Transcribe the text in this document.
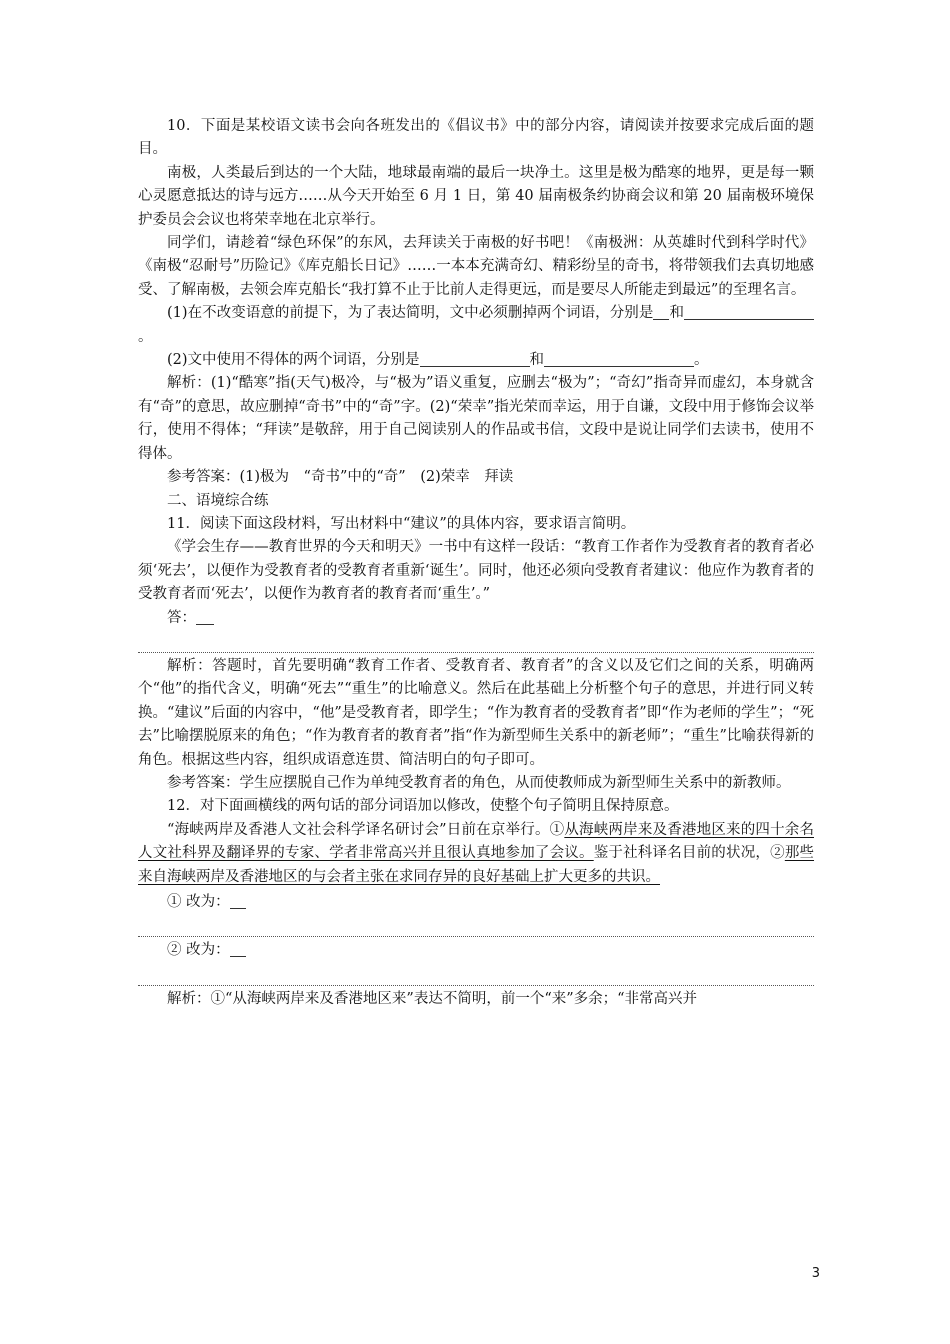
10．下面是某校语文读书会向各班发出的《倡议书》中的部分内容，请阅读并按要求完成后面的题目。

南极，人类最后到达的一个大陆，地球最南端的最后一块净土。这里是极为酷寒的地界，更是每一颗心灵愿意抵达的诗与远方……从今天开始至 6 月 1 日，第 40 届南极条约协商会议和第 20 届南极环境保护委员会会议也将荣幸地在北京举行。

同学们，请趁着“绿色环保”的东风，去拜读关于南极的好书吧！《南极洲：从英雄时代到科学时代》《南极“忍耐号”历险记》《库克船长日记》……一本本充满奇幻、精彩纷呈的奇书，将带领我们去真切地感受、了解南极，去领会库克船长“我打算不止于比前人走得更远，而是要尽人所能走到最远”的至理名言。

(1)在不改变语意的前提下，为了表达简明，文中必须删掉两个词语，分别是 和。

(2)文中使用不得体的两个词语，分别是	和	。

解析：(1)“酷寒”指(天气)极冷，与“极为”语义重复，应删去“极为”；“奇幻”指奇异而虚幻，本身就含有“奇”的意思，故应删掉“奇书”中的“奇”字。(2)“荣幸”指光荣而幸运，用于自谦，文段中用于修饰会议举行，使用不得体；“拜读”是敬辞，用于自己阅读别人的作品或书信，文段中是说让同学们去读书，使用不得体。

参考答案：(1)极为　“奇书”中的“奇”　(2)荣幸　拜读

二、语境综合练

11．阅读下面这段材料，写出材料中“建议”的具体内容，要求语言简明。

《学会生存——教育世界的今天和明天》一书中有这样一段话：“教育工作者作为受教育者的教育者必须‘死去’，以便作为受教育者的受教育者重新‘诞生’。同时，他还必须向受教育者建议：他应作为教育者的受教育者而‘死去’，以便作为教育者的教育者而‘重生’。”

答：

解析：答题时，首先要明确“教育工作者、受教育者、教育者”的含义以及它们之间的关系，明确两个“他”的指代含义，明确“死去”“重生”的比喻意义。然后在此基础上分析整个句子的意思，并进行同义转换。“建议”后面的内容中，“他”是受教育者，即学生；“作为教育者的受教育者”即“作为老师的学生”；“死去”比喻摆脱原来的角色；“作为教育者的教育者”指“作为新型师生关系中的新老师”；“重生”比喻获得新的角色。根据这些内容，组织成语意连贯、简洁明白的句子即可。

参考答案：学生应摆脱自己作为单纯受教育者的角色，从而使教师成为新型师生关系中的新教师。

12．对下面画横线的两句话的部分词语加以修改，使整个句子简明且保持原意。

“海峡两岸及香港人文社会科学译名研讨会”日前在京举行。①从海峡两岸来及香港地区来的四十余名人文社科界及翻译界的专家、学者非常高兴并且很认真地参加了会议。鉴于社科译名目前的状况，②那些来自海峡两岸及香港地区的与会者主张在求同存异的良好基础上扩大更多的共识。

① 改为：

② 改为：

解析：①“从海峡两岸来及香港地区来”表达不简明，前一个“来”多余；“非常高兴并

3
